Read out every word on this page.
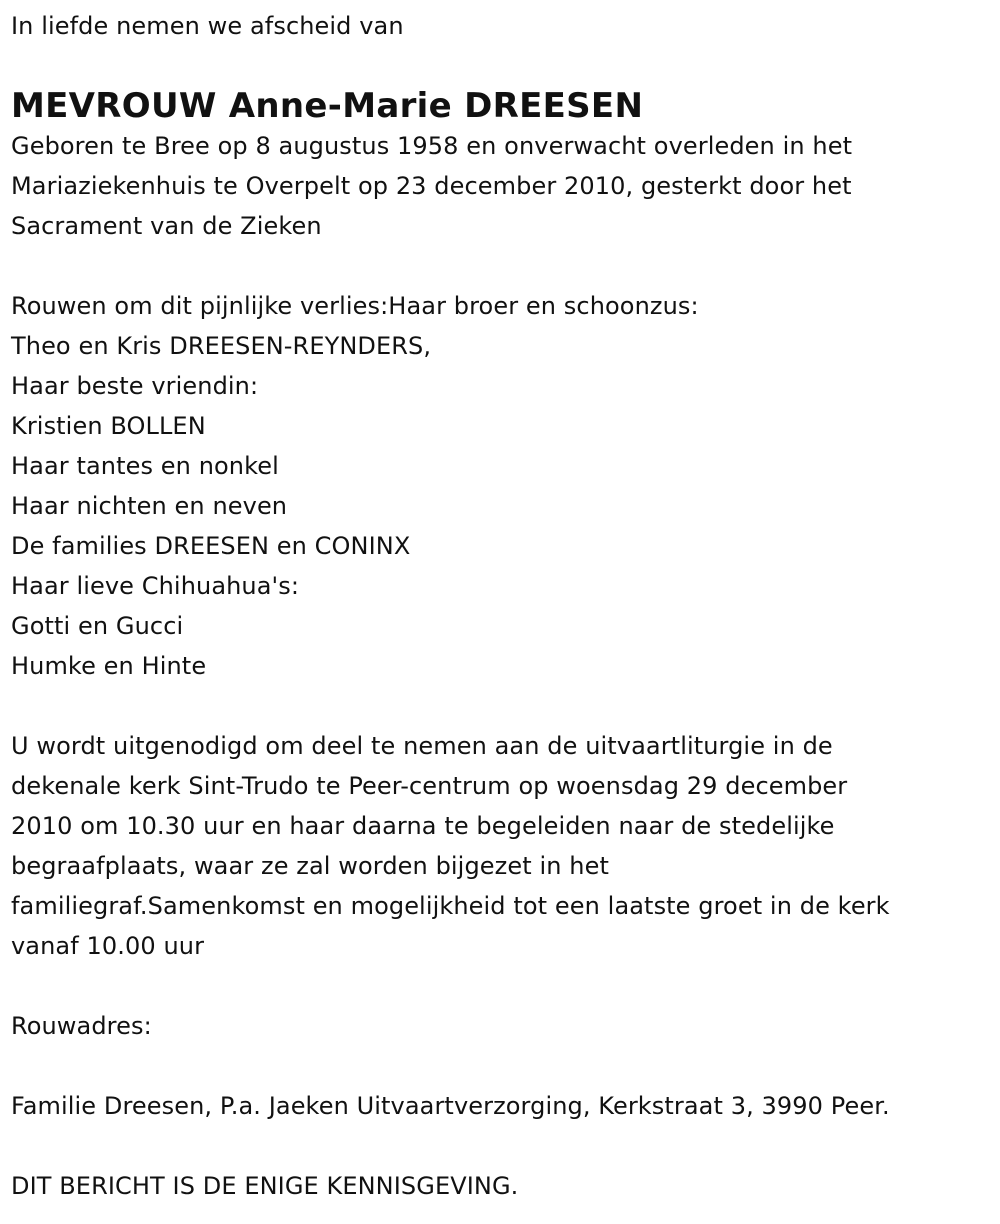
In liefde nemen we afscheid van
MEVROUW Anne-Marie DREESEN
Geboren te Bree op 8 augustus 1958 en onverwacht overleden in het
Mariaziekenhuis te Overpelt op 23 december 2010, gesterkt door het
Sacrament van de Zieken
Rouwen om dit pijnlijke verlies:Haar broer en schoonzus:
Theo en Kris DREESEN-REYNDERS,
Haar beste vriendin:
Kristien BOLLEN
Haar tantes en nonkel
Haar nichten en neven
De families DREESEN en CONINX
Haar lieve Chihuahua's:
Gotti en Gucci
Humke en Hinte
U wordt uitgenodigd om deel te nemen aan de uitvaartliturgie in de
dekenale kerk Sint-Trudo te Peer-centrum op woensdag 29 december
2010 om 10.30 uur en haar daarna te begeleiden naar de stedelijke
begraafplaats, waar ze zal worden bijgezet in het
familiegraf.Samenkomst en mogelijkheid tot een laatste groet in de kerk
vanaf 10.00 uur
Rouwadres:
Familie Dreesen, P.a. Jaeken Uitvaartverzorging, Kerkstraat 3, 3990 Peer.
DIT BERICHT IS DE ENIGE KENNISGEVING.
